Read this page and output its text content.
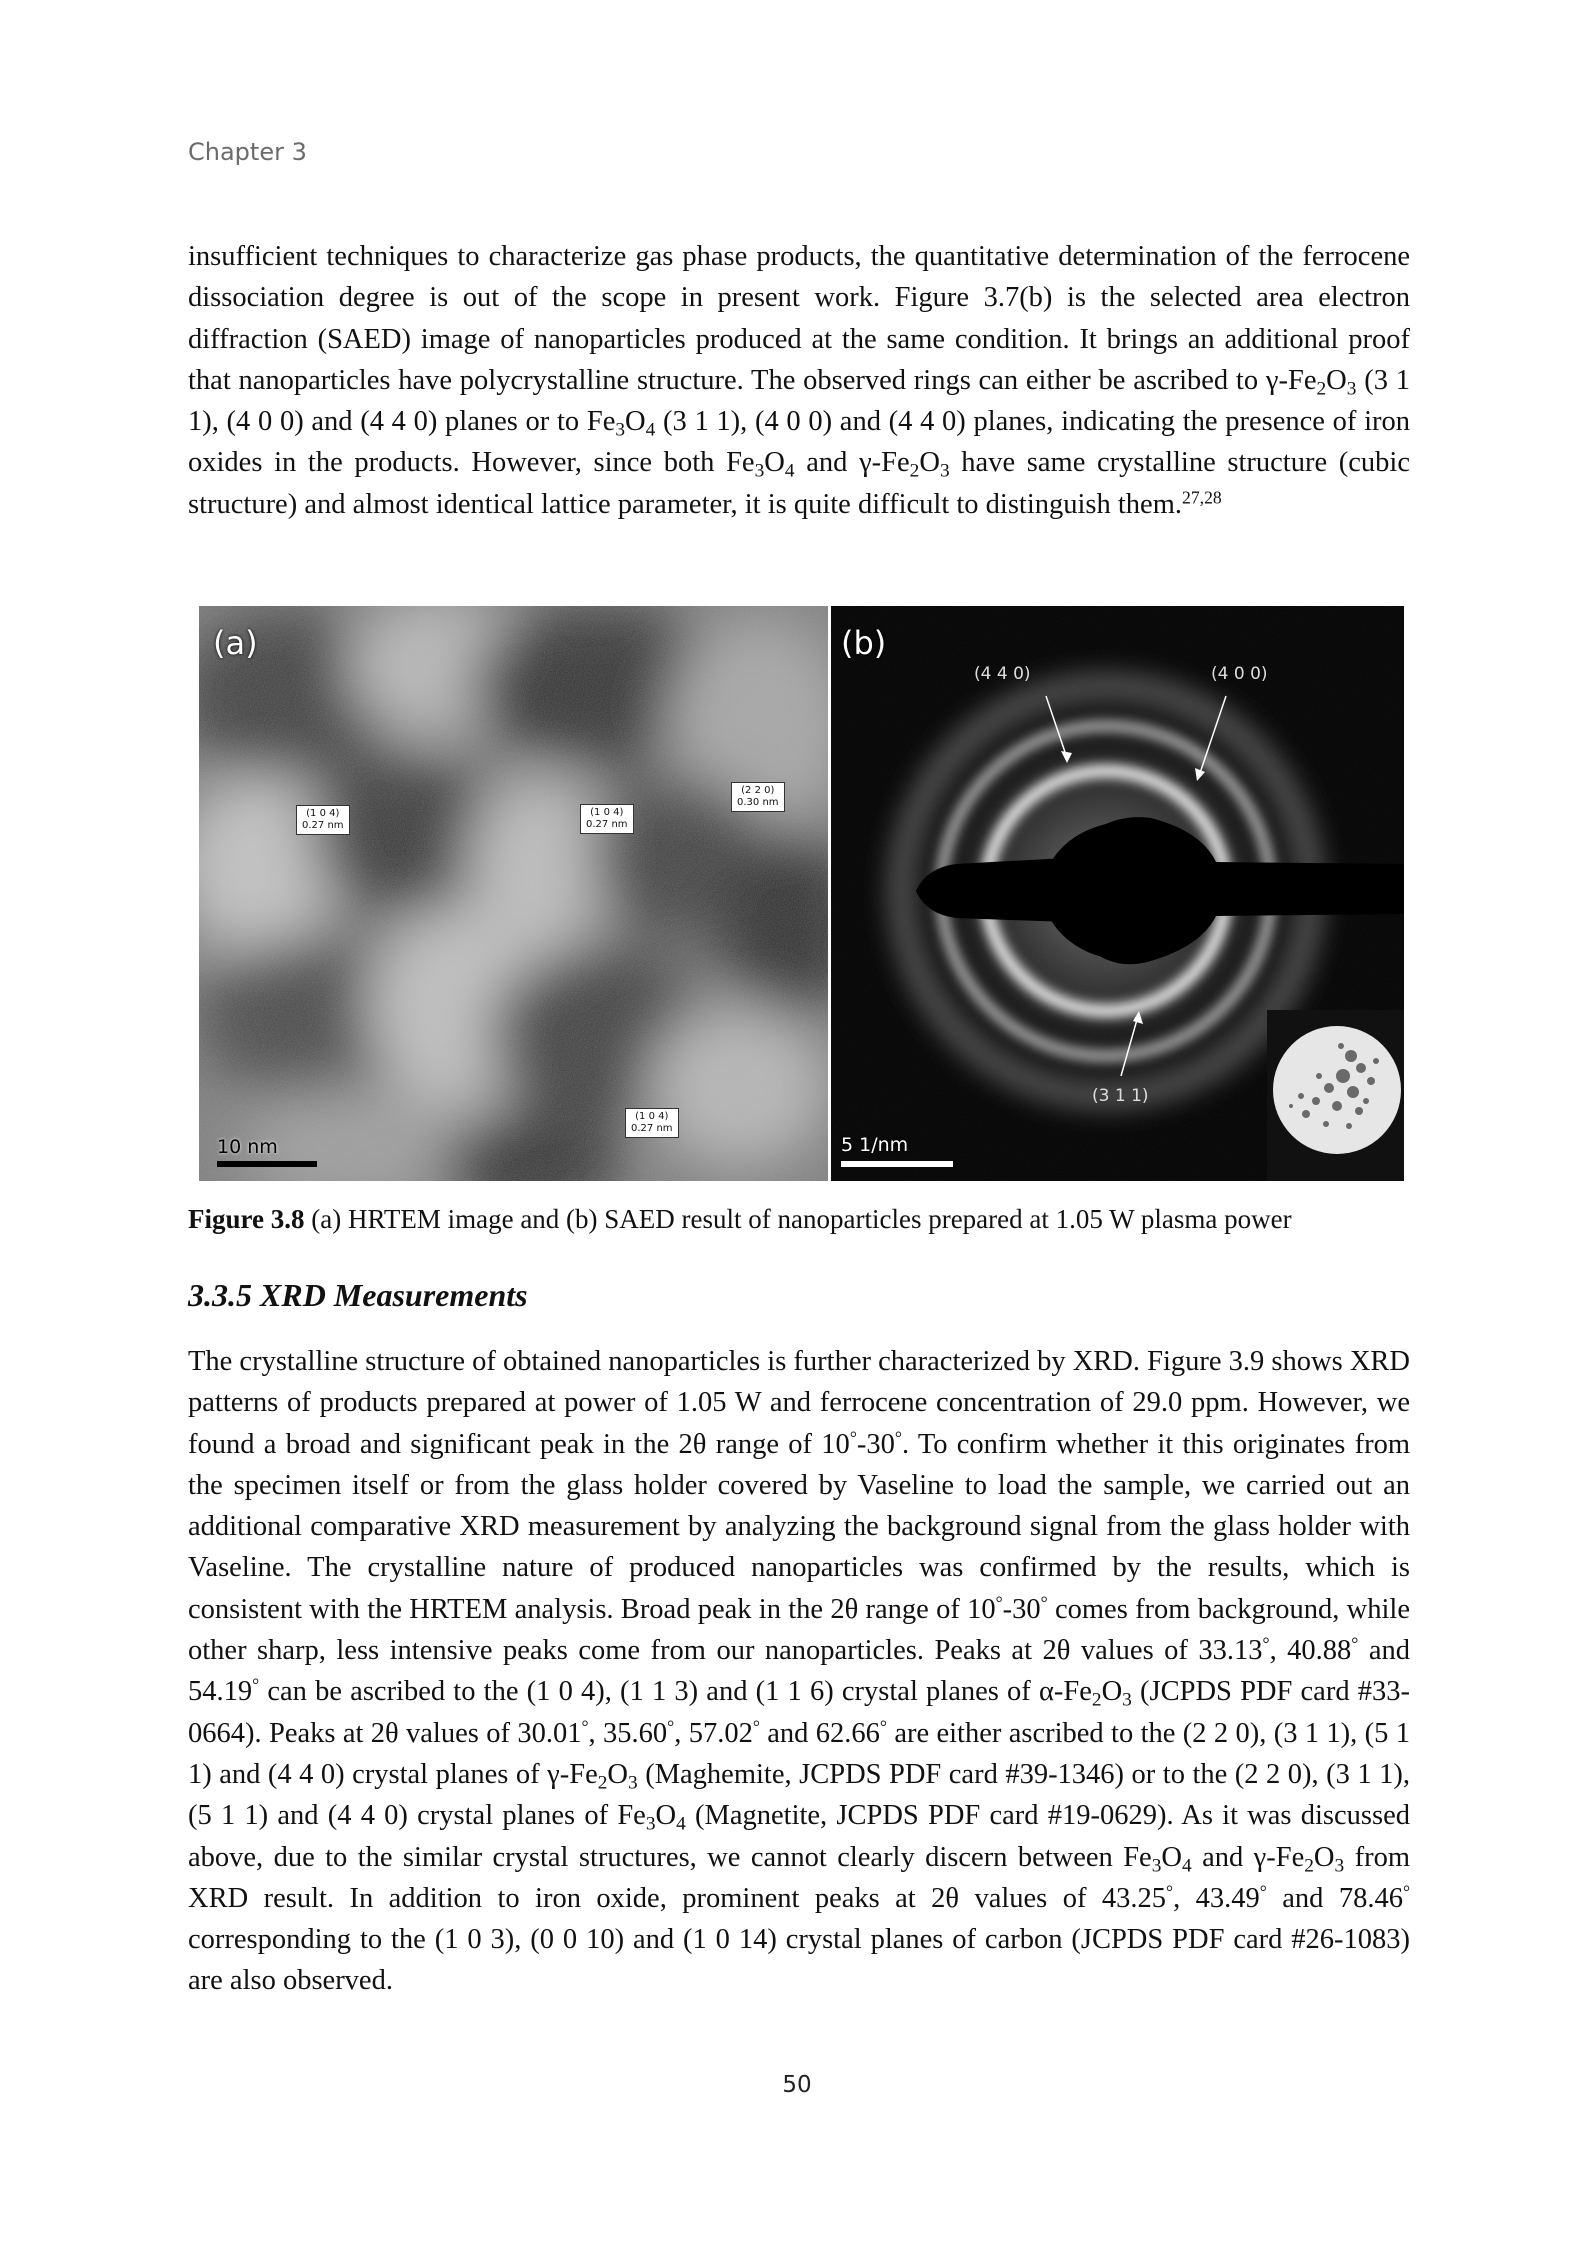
Chapter 3

insufficient techniques to characterize gas phase products, the quantitative determination of the ferrocene dissociation degree is out of the scope in present work. Figure 3.7(b) is the selected area electron diffraction (SAED) image of nanoparticles produced at the same condition. It brings an additional proof that nanoparticles have polycrystalline structure. The observed rings can either be ascribed to $\gamma-Fe_2O_3$ (3 1 1), (4 0 0) and (4 4 0) planes or to $Fe_3O_4$ (3 1 1), (4 0 0) and (4 4 0) planes, indicating the presence of iron oxides in the products. However, since both $Fe_3O_4$ and $\gamma-Fe_2O_3$ have same crystalline structure (cubic structure) and almost identical lattice parameter, it is quite difficult to distinguish them.$^{27,28}$

(a)
(1 0 4)
0.27 nm
(1 0 4)
0.27 nm
(2 2 0)
0.30 nm
(1 0 4)
0.27 nm
10 nm
(b)
(4 4 0)	(4 0 0)
(3 1 1)
5 1/nm
Figure 3.8 (a) HRTEM image and (b) SAED result of nanoparticles prepared at 1.05 W plasma power
3.3.5 XRD Measurements

The crystalline structure of obtained nanoparticles is further characterized by XRD. Figure 3.9 shows XRD patterns of products prepared at power of 1.05 W and ferrocene concentration of 29.0 ppm. However, we found a broad and significant peak in the 2θ range of 10°-30°. To confirm whether it this originates from the specimen itself or from the glass holder covered by Vaseline to load the sample, we carried out an additional comparative XRD measurement by analyzing the background signal from the glass holder with Vaseline. The crystalline nature of produced nanoparticles was confirmed by the results, which is consistent with the HRTEM analysis. Broad peak in the 2θ range of 10°-30° comes from background, while other sharp, less intensive peaks come from our nanoparticles. Peaks at 2θ values of 33.13°, 40.88° and 54.19° can be ascribed to the (1 0 4), (1 1 3) and (1 1 6) crystal planes of $\alpha-Fe_2O_3$ (JCPDS PDF card #33-0664). Peaks at 2θ values of 30.01°, 35.60°, 57.02° and 62.66° are either ascribed to the (2 2 0), (3 1 1), (5 1 1) and (4 4 0) crystal planes of $\gamma-Fe_2O_3$ (Maghemite, JCPDS PDF card #39-1346) or to the (2 2 0), (3 1 1), (5 1 1) and (4 4 0) crystal planes of $Fe_3O_4$ (Magnetite, JCPDS PDF card #19-0629). As it was discussed above, due to the similar crystal structures, we cannot clearly discern between $Fe_3O_4$ and $\gamma-Fe_2O_3$ from XRD result. In addition to iron oxide, prominent peaks at 2θ values of 43.25°, 43.49° and 78.46° corresponding to the (1 0 3), (0 0 10) and (1 0 14) crystal planes of carbon (JCPDS PDF card #26-1083) are also observed.

50
